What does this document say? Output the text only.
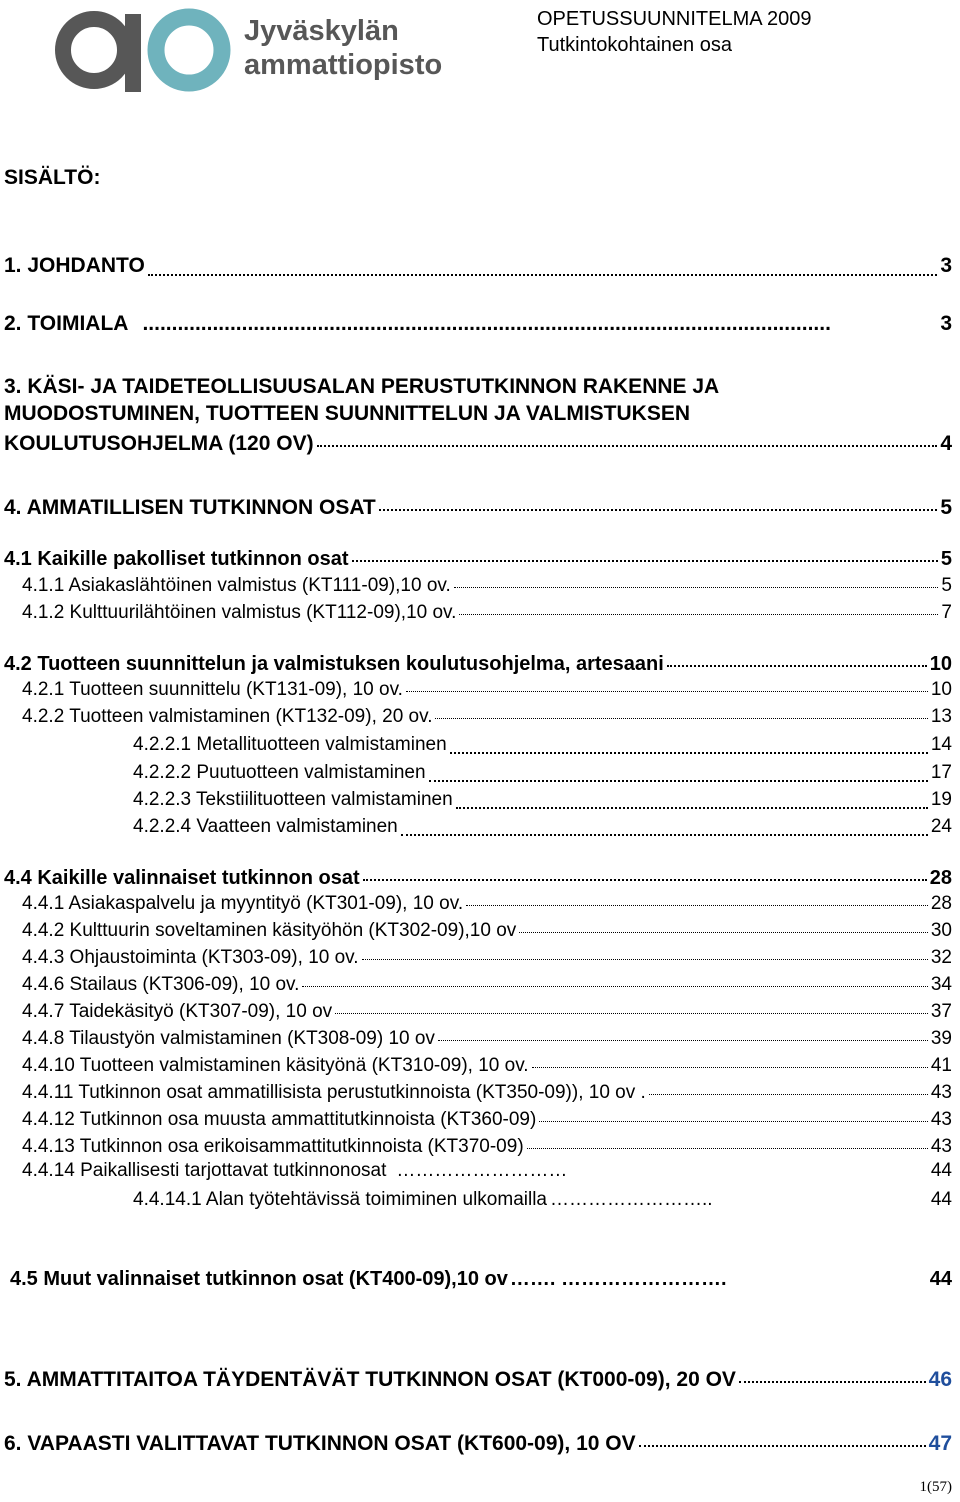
Jyväskylän
ammattiopisto
OPETUSSUUNNITELMA 2009
Tutkintokohtainen osa
SISÄLTÖ:
1. JOHDANTO	3
2. TOIMIALA ......................................................................................................................	3
3. KÄSI- JA TAIDETEOLLISUUSALAN PERUSTUTKINNON RAKENNE JA
MUODOSTUMINEN, TUOTTEEN SUUNNITTELUN JA VALMISTUKSEN
KOULUTUSOHJELMA (120 OV)	4
4. AMMATILLISEN TUTKINNON OSAT	5
4.1 Kaikille pakolliset tutkinnon osat	5
4.1.1 Asiakaslähtöinen valmistus (KT111-09),10 ov.	5
4.1.2 Kulttuurilähtöinen valmistus (KT112-09),10 ov.	7
4.2 Tuotteen suunnittelun ja valmistuksen koulutusohjelma, artesaani	10
4.2.1 Tuotteen suunnittelu (KT131-09), 10 ov.	10
4.2.2 Tuotteen valmistaminen (KT132-09), 20 ov.	13
4.2.2.1 Metallituotteen valmistaminen	14
4.2.2.2 Puutuotteen valmistaminen	17
4.2.2.3 Tekstiilituotteen valmistaminen	19
4.2.2.4 Vaatteen valmistaminen	24
4.4 Kaikille valinnaiset tutkinnon osat	28
4.4.1 Asiakaspalvelu ja myyntityö (KT301-09), 10 ov.	28
4.4.2 Kulttuurin soveltaminen käsityöhön (KT302-09),10 ov	30
4.4.3 Ohjaustoiminta (KT303-09), 10 ov.	32
4.4.6 Stailaus (KT306-09), 10 ov.	34
4.4.7 Taidekäsityö (KT307-09), 10 ov	37
4.4.8 Tilaustyön valmistaminen (KT308-09) 10 ov	39
4.4.10 Tuotteen valmistaminen käsityönä (KT310-09), 10 ov.	41
4.4.11 Tutkinnon osat ammatillisista perustutkinnoista (KT350-09)), 10 ov .	43
4.4.12 Tutkinnon osa muusta ammattitutkinnoista (KT360-09)	43
4.4.13 Tutkinnon osa erikoisammattitutkinnoista (KT370-09)	43
4.4.14 Paikallisesti tarjottavat tutkinnonosat ………………………	44
4.4.14.1 Alan työtehtävissä toimiminen ulkomailla ……………………..	44
4.5 Muut valinnaiset tutkinnon osat (KT400-09),10 ov ……. …………………….	44
5. AMMATTITAITOA TÄYDENTÄVÄT TUTKINNON OSAT (KT000-09), 20 OV	46
6. VAPAASTI VALITTAVAT TUTKINNON OSAT (KT600-09), 10 OV	47
1(57)
